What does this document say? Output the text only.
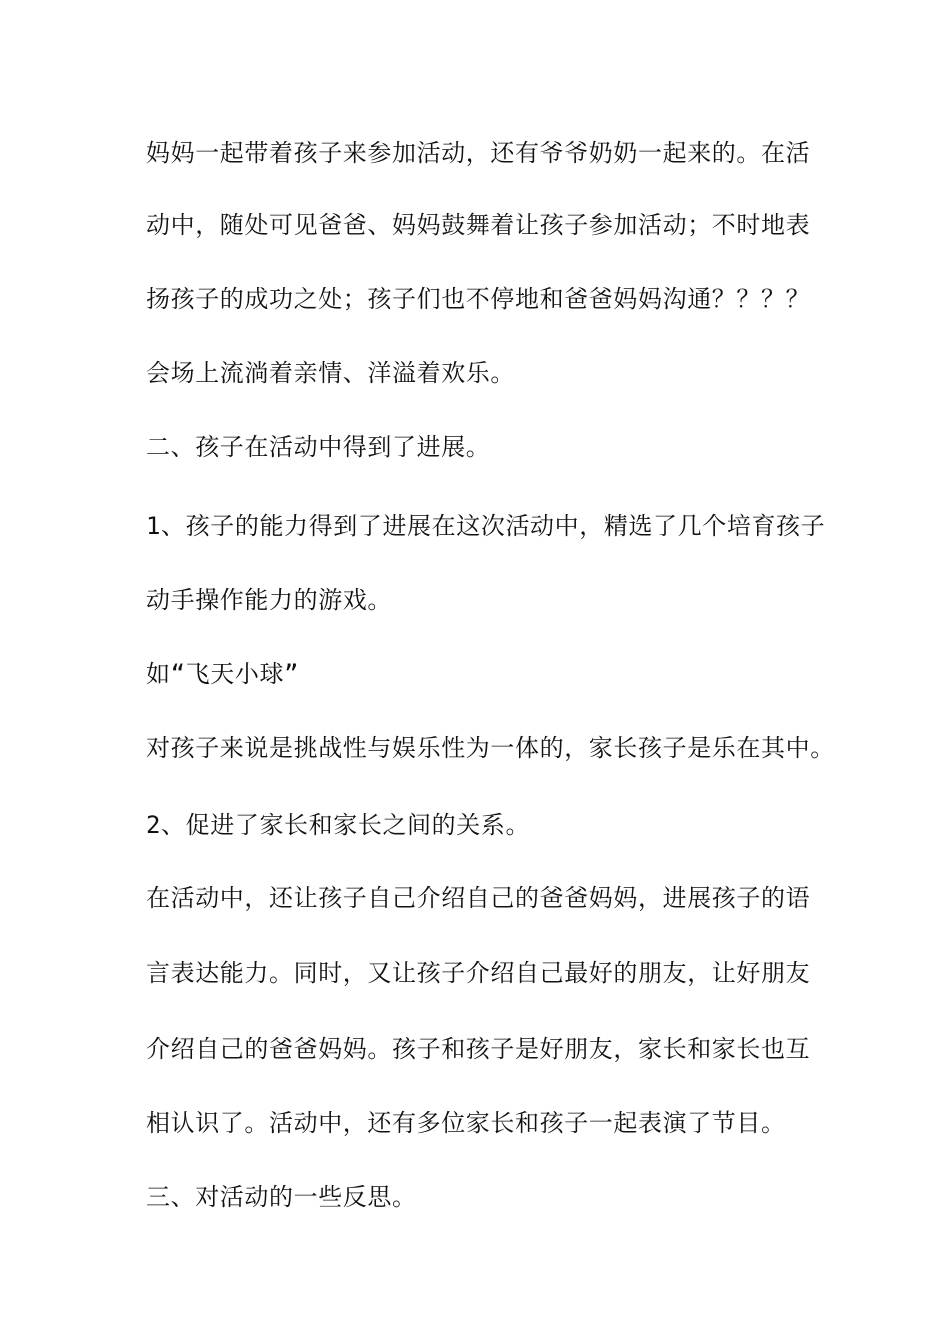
妈妈一起带着孩子来参加活动，还有爷爷奶奶一起来的。在活
动中，随处可见爸爸、妈妈鼓舞着让孩子参加活动；不时地表
扬孩子的成功之处；孩子们也不停地和爸爸妈妈沟通？？？？
会场上流淌着亲情、洋溢着欢乐。
二、孩子在活动中得到了进展。
1、孩子的能力得到了进展在这次活动中，精选了几个培育孩子
动手操作能力的游戏。
如“飞天小球”
对孩子来说是挑战性与娱乐性为一体的，家长孩子是乐在其中。
2、促进了家长和家长之间的关系。
在活动中，还让孩子自己介绍自己的爸爸妈妈，进展孩子的语
言表达能力。同时，又让孩子介绍自己最好的朋友，让好朋友
介绍自己的爸爸妈妈。孩子和孩子是好朋友，家长和家长也互
相认识了。活动中，还有多位家长和孩子一起表演了节目。
三、对活动的一些反思。
